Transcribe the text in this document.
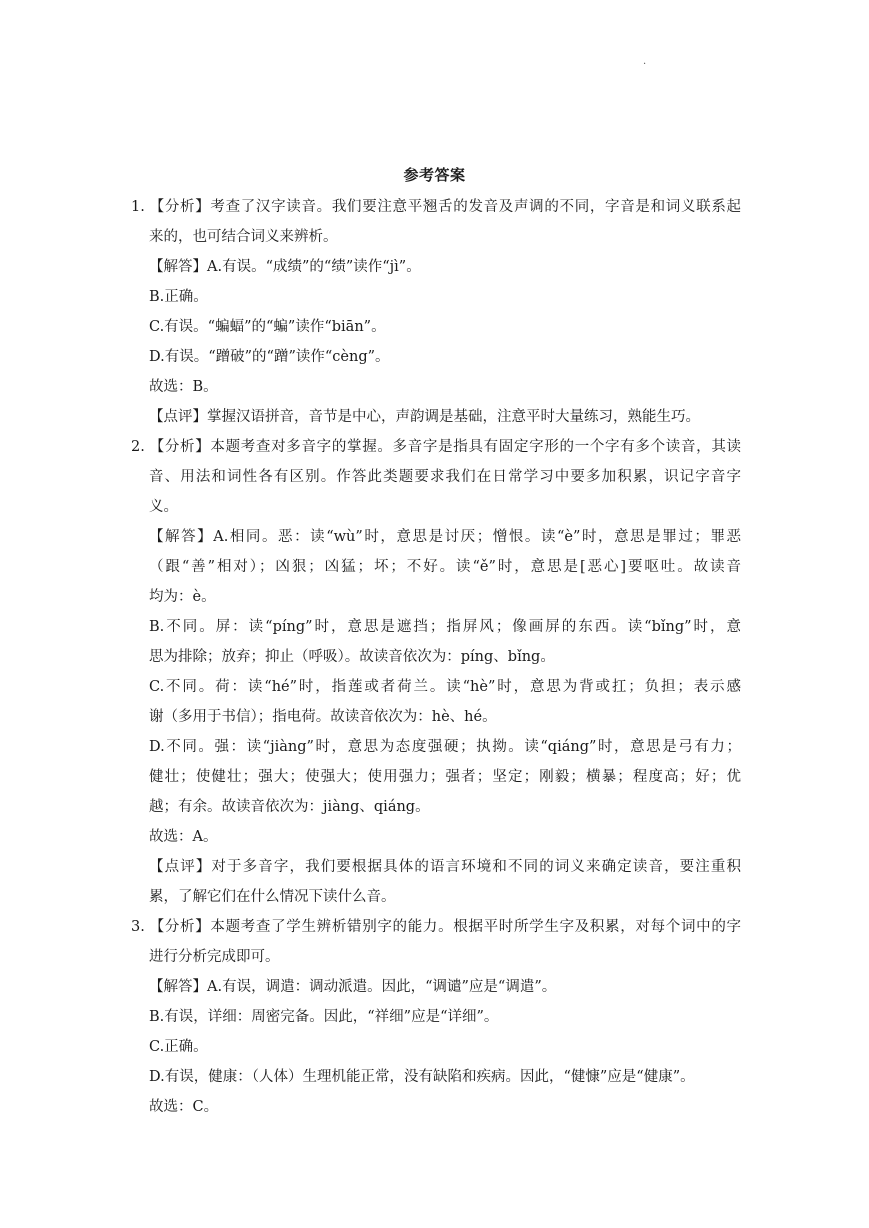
.
参考答案
1. 【分析】考查了汉字读音。我们要注意平翘舌的发音及声调的不同，字音是和词义联系起
来的，也可结合词义来辨析。
【解答】A.有误。“成绩”的“绩”读作“jì”。
B.正确。
C.有误。“蝙蝠”的“蝙”读作“biān”。
D.有误。“蹭破”的“蹭”读作“cèng”。
故选：B。
【点评】掌握汉语拼音，音节是中心，声韵调是基础，注意平时大量练习，熟能生巧。
2. 【分析】本题考查对多音字的掌握。多音字是指具有固定字形的一个字有多个读音，其读
音、用法和词性各有区别。作答此类题要求我们在日常学习中要多加积累，识记字音字
义。
【解答】A.相同。恶：读“wù”时，意思是讨厌；憎恨。读“è”时，意思是罪过；罪恶
（跟“善”相对）；凶狠；凶猛；坏；不好。读“ě”时，意思是[恶心]要呕吐。故读音
均为：è。
B.不同。屏：读“píng”时，意思是遮挡；指屏风；像画屏的东西。读“bǐng”时，意
思为排除；放弃；抑止（呼吸）。故读音依次为：píng、bǐng。
C.不同。荷：读“hé”时，指莲或者荷兰。读“hè”时，意思为背或扛；负担；表示感
谢（多用于书信）；指电荷。故读音依次为：hè、hé。
D.不同。强：读“jiàng”时，意思为态度强硬；执拗。读“qiáng”时，意思是弓有力；
健壮；使健壮；强大；使强大；使用强力；强者；坚定；刚毅；横暴；程度高；好；优
越；有余。故读音依次为：jiàng、qiáng。
故选：A。
【点评】对于多音字，我们要根据具体的语言环境和不同的词义来确定读音，要注重积
累，了解它们在什么情况下读什么音。
3. 【分析】本题考查了学生辨析错别字的能力。根据平时所学生字及积累，对每个词中的字
进行分析完成即可。
【解答】A.有误，调遣：调动派遣。因此，“调谴”应是“调遣”。
B.有误，详细：周密完备。因此，“祥细”应是“详细”。
C.正确。
D.有误，健康：（人体）生理机能正常，没有缺陷和疾病。因此，“健慷”应是“健康”。
故选：C。
